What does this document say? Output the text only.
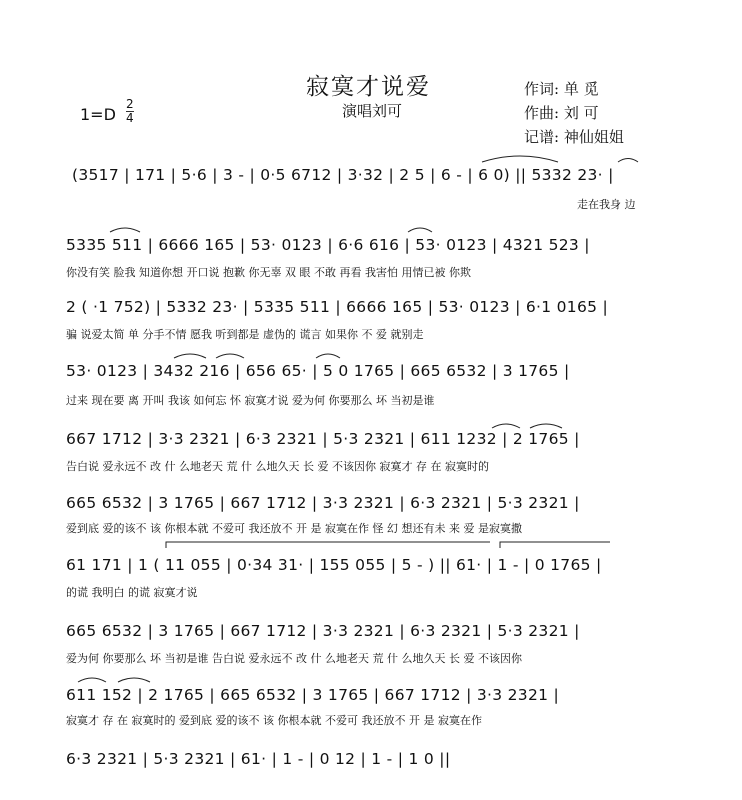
寂寞才说爱
演唱刘可
作词: 单 觅
作曲: 刘 可
记谱: 神仙姐姐
1=D
2
4
(3517 | 171 | 5·6 | 3 - | 0·5 6712 | 3·32 | 2 5 | 6 - | 6 0) || 5332 23· |
走在我身 边
5335 511 | 6666 165 | 53· 0123 | 6·6 616 | 53· 0123 | 4321 523 |
你没有笑 脸我 知道你想 开口说 抱歉 你无辜 双 眼 不敢 再看 我害怕 用情已被 你欺
2 ( ·1 752) | 5332 23· | 5335 511 | 6666 165 | 53· 0123 | 6·1 0165 |
骗 说爱太简 单 分手不情 愿我 听到都是 虚伪的 谎言 如果你 不 爱 就别走
53· 0123 | 3432 216 | 656 65· | 5 0 1765 | 665 6532 | 3 1765 |
过来 现在要 离 开叫 我该 如何忘 怀 寂寞才说 爱为何 你要那么 坏 当初是谁
667 1712 | 3·3 2321 | 6·3 2321 | 5·3 2321 | 611 1232 | 2 1765 |
告白说 爱永远不 改 什 么地老天 荒 什 么地久天 长 爱 不该因你 寂寞才 存 在 寂寞时的
665 6532 | 3 1765 | 667 1712 | 3·3 2321 | 6·3 2321 | 5·3 2321 |
爱到底 爱的该不 该 你根本就 不爱可 我还放不 开 是 寂寞在作 怪 幻 想还有未 来 爱 是寂寞撒
61 171 | 1 ( 11 055 | 0·34 31· | 155 055 | 5 - ) || 61· | 1 - | 0 1765 |
的谎 我明白 的谎 寂寞才说
665 6532 | 3 1765 | 667 1712 | 3·3 2321 | 6·3 2321 | 5·3 2321 |
爱为何 你要那么 坏 当初是谁 告白说 爱永远不 改 什 么地老天 荒 什 么地久天 长 爱 不该因你
611 152 | 2 1765 | 665 6532 | 3 1765 | 667 1712 | 3·3 2321 |
寂寞才 存 在 寂寞时的 爱到底 爱的该不 该 你根本就 不爱可 我还放不 开 是 寂寞在作
6·3 2321 | 5·3 2321 | 61· | 1 - | 0 12 | 1 - | 1 0 ||
